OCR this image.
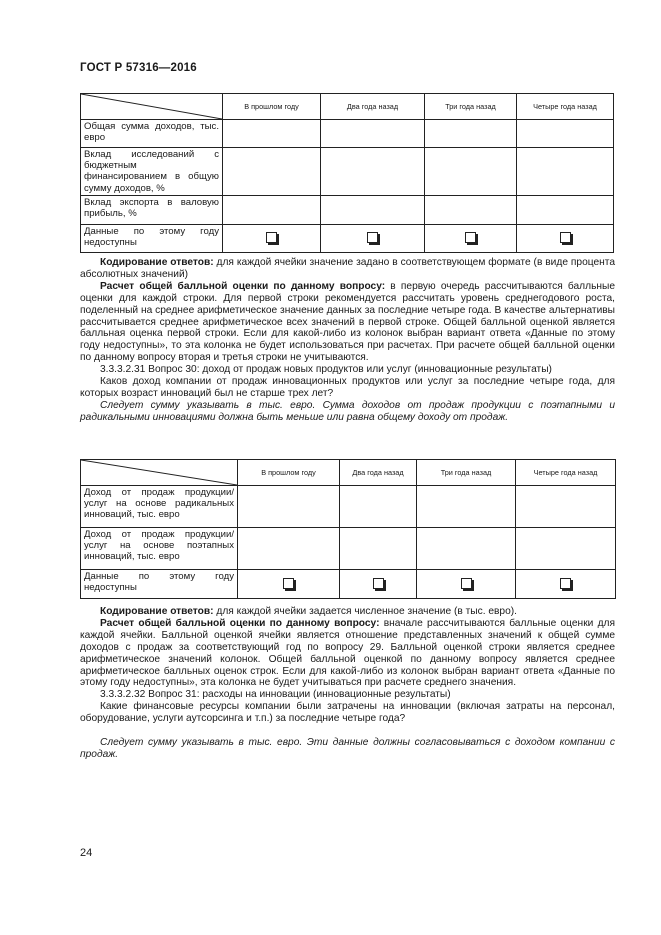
ГОСТ Р 57316—2016
	В прошлом году	Два года назад	Три года назад	Четыре года назад
Общая сумма доходов, тыс. евро				
Вклад исследований с бюджетным финансированием в общую сумму доходов, %				
Вклад экспорта в валовую прибыль, %				
Данные по этому году недоступны				

Кодирование ответов: для каждой ячейки значение задано в соответствующем формате (в виде процента абсолютных значений)

Расчет общей балльной оценки по данному вопросу: в первую очередь рассчитываются балльные оценки для каждой строки. Для первой строки рекомендуется рассчитать уровень среднегодового роста, поделенный на среднее арифметическое значение данных за последние четыре года. В качестве альтернативы рассчитывается среднее арифметическое всех значений в первой строке. Общей балльной оценкой является балльная оценка первой строки. Если для какой-либо из колонок выбран вариант ответа «Данные по этому году недоступны», то эта колонка не будет использоваться при расчетах. При расчете общей балльной оценки по данному вопросу вторая и третья строки не учитываются.

3.3.3.2.31 Вопрос 30: доход от продаж новых продуктов или услуг (инновационные результаты)

Каков доход компании от продаж инновационных продуктов или услуг за последние четыре года, для которых возраст инноваций был не старше трех лет?

Следует сумму указывать в тыс. евро. Сумма доходов от продаж продукции с поэтапными и радикальными инновациями должна быть меньше или равна общему доходу от продаж.

	В прошлом году	Два года назад	Три года назад	Четыре года назад
Доход от продаж продукции/услуг на основе радикальных инноваций, тыс. евро				
Доход от продаж продукции/услуг на основе поэтапных инноваций, тыс. евро				
Данные по этому году недоступны				

Кодирование ответов: для каждой ячейки задается численное значение (в тыс. евро).

Расчет общей балльной оценки по данному вопросу: вначале рассчитываются балльные оценки для каждой ячейки. Балльной оценкой ячейки является отношение представленных значений к общей сумме доходов с продаж за соответствующий год по вопросу 29. Балльной оценкой строки является среднее арифметическое значений колонок. Общей балльной оценкой по данному вопросу является среднее арифметическое балльных оценок строк. Если для какой-либо из колонок выбран вариант ответа «Данные по этому году недоступны», эта колонка не будет учитываться при расчете среднего значения.

3.3.3.2.32 Вопрос 31: расходы на инновации (инновационные результаты)

Какие финансовые ресурсы компании были затрачены на инновации (включая затраты на персонал, оборудование, услуги аутсорсинга и т.п.) за последние четыре года?

Следует сумму указывать в тыс. евро. Эти данные должны согласовываться с доходом компании с продаж.

24
